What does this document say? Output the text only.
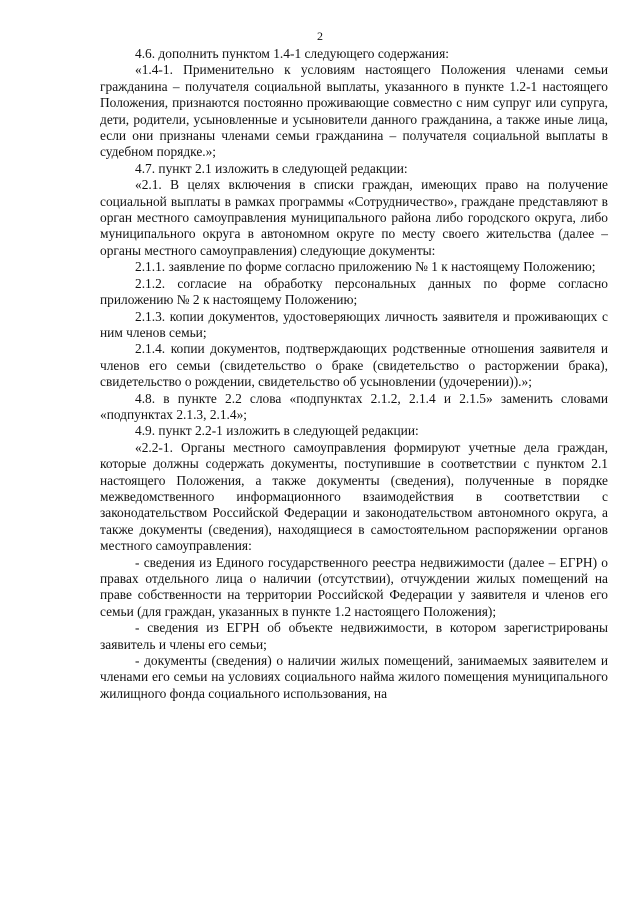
2

4.6. дополнить пунктом 1.4-1 следующего содержания:

«1.4-1. Применительно к условиям настоящего Положения членами семьи гражданина – получателя социальной выплаты, указанного в пункте 1.2-1 настоящего Положения, признаются постоянно проживающие совместно с ним супруг или супруга, дети, родители, усыновленные и усыновители данного гражданина, а также иные лица, если они признаны членами семьи гражданина – получателя социальной выплаты в судебном порядке.»;

4.7. пункт 2.1 изложить в следующей редакции:

«2.1. В целях включения в списки граждан, имеющих право на получение социальной выплаты в рамках программы «Сотрудничество», граждане представляют в орган местного самоуправления муниципального района либо городского округа, либо муниципального округа в автономном округе по месту своего жительства (далее – органы местного самоуправления) следующие документы:

2.1.1. заявление по форме согласно приложению № 1 к настоящему Положению;

2.1.2. согласие на обработку персональных данных по форме согласно приложению № 2 к настоящему Положению;

2.1.3. копии документов, удостоверяющих личность заявителя и проживающих с ним членов семьи;

2.1.4. копии документов, подтверждающих родственные отношения заявителя и членов его семьи (свидетельство о браке (свидетельство о расторжении брака), свидетельство о рождении, свидетельство об усыновлении (удочерении)).»;

4.8. в пункте 2.2 слова «подпунктах 2.1.2, 2.1.4 и 2.1.5» заменить словами «подпунктах 2.1.3, 2.1.4»;

4.9. пункт 2.2-1 изложить в следующей редакции:

«2.2-1. Органы местного самоуправления формируют учетные дела граждан, которые должны содержать документы, поступившие в соответствии с пунктом 2.1 настоящего Положения, а также документы (сведения), полученные в порядке межведомственного информационного взаимодействия в соответствии с законодательством Российской Федерации и законодательством автономного округа, а также документы (сведения), находящиеся в самостоятельном распоряжении органов местного самоуправления:

- сведения из Единого государственного реестра недвижимости (далее – ЕГРН) о правах отдельного лица о наличии (отсутствии), отчуждении жилых помещений на праве собственности на территории Российской Федерации у заявителя и членов его семьи (для граждан, указанных в пункте 1.2 настоящего Положения);

- сведения из ЕГРН об объекте недвижимости, в котором зарегистрированы заявитель и члены его семьи;

- документы (сведения) о наличии жилых помещений, занимаемых заявителем и членами его семьи на условиях социального найма жилого помещения муниципального жилищного фонда социального использования, на
